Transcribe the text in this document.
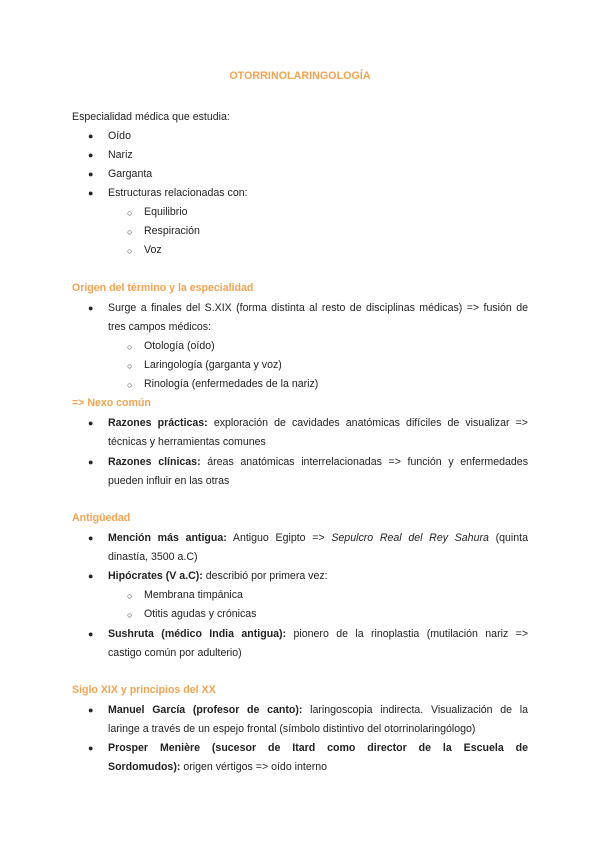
OTORRINOLARINGOLOGÍA
Especialidad médica que estudia:
● Oído
● Nariz
● Garganta
● Estructuras relacionadas con:
○ Equilibrio
○ Respiración
○ Voz
Origen del término y la especialidad
● Surge a finales del S.XIX (forma distinta al resto de disciplinas médicas) => fusión de
tres campos médicos:
○ Otología (oído)
○ Laringología (garganta y voz)
○ Rinología (enfermedades de la nariz)
=> Nexo común
● Razones prácticas: exploración de cavidades anatómicas difíciles de visualizar =>
técnicas y herramientas comunes
● Razones clínicas: áreas anatómicas interrelacionadas => función y enfermedades
pueden influir en las otras
Antigüedad
● Mención más antigua: Antiguo Egipto => Sepulcro Real del Rey Sahura (quinta
dinastía, 3500 a.C)
● Hipócrates (V a.C): describió por primera vez:
○ Membrana timpánica
○ Otitis agudas y crónicas
● Sushruta (médico India antigua): pionero de la rinoplastia (mutilación nariz =>
castigo común por adulterio)
Siglo XIX y principios del XX
● Manuel García (profesor de canto): laringoscopia indirecta. Visualización de la
laringe a través de un espejo frontal (símbolo distintivo del otorrinolaringólogo)
● Prosper Menière (sucesor de Itard como director de la Escuela de
Sordomudos): origen vértigos => oído interno
